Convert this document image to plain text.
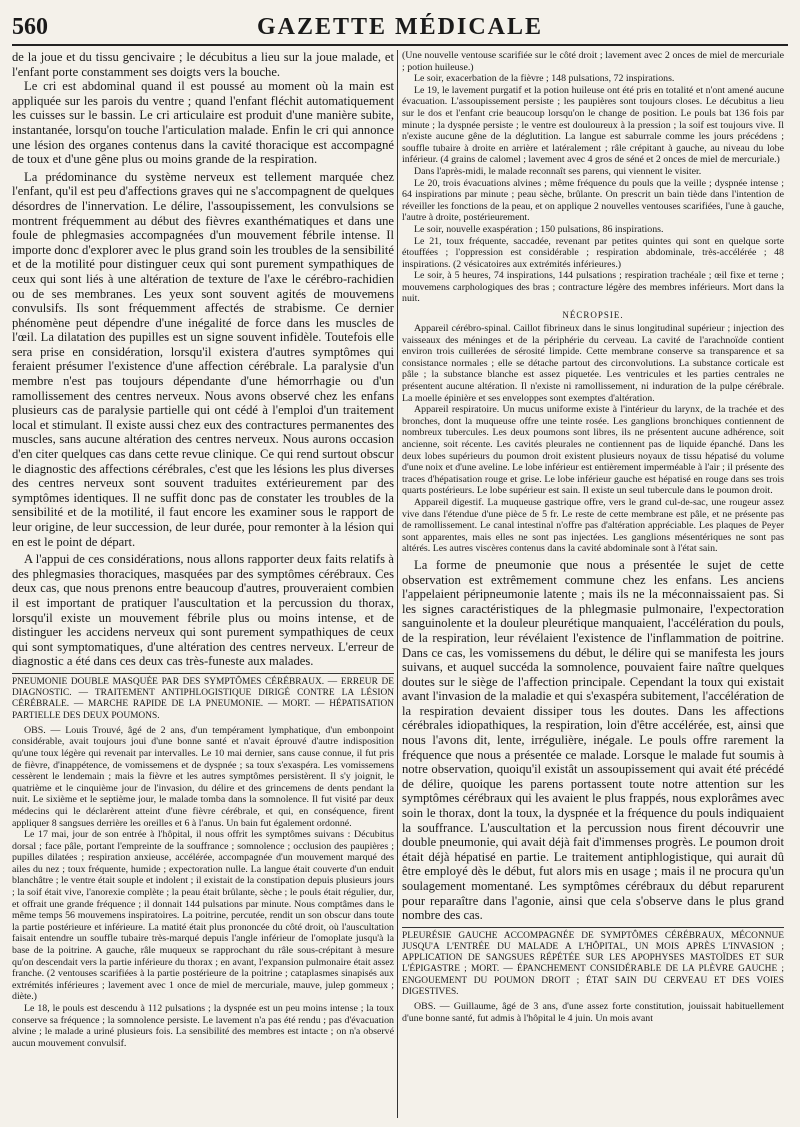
560	GAZETTE MÉDICALE

de la joue et du tissu gencivaire ; le décubitus a lieu sur la joue malade, et l'enfant porte constamment ses doigts vers la bouche.

Le cri est abdominal quand il est poussé au moment où la main est appliquée sur les parois du ventre ; quand l'enfant fléchit automatiquement les cuisses sur le bassin. Le cri articulaire est produit d'une manière subite, instantanée, lorsqu'on touche l'articulation malade. Enfin le cri qui annonce une lésion des organes contenus dans la cavité thoracique est accompagné de toux et d'une gêne plus ou moins grande de la respiration.

La prédominance du système nerveux est tellement marquée chez l'enfant, qu'il est peu d'affections graves qui ne s'accompagnent de quelques désordres de l'innervation. Le délire, l'assoupissement, les convulsions se montrent fréquemment au début des fièvres exanthématiques et dans une foule de phlegmasies accompagnées d'un mouvement fébrile intense. Il importe donc d'explorer avec le plus grand soin les troubles de la sensibilité et de la motilité pour distinguer ceux qui sont purement sympathiques de ceux qui sont liés à une altération de texture de l'axe le cérébro-rachidien ou de ses membranes. Les yeux sont souvent agités de mouvemens convulsifs. Ils sont fréquemment affectés de strabisme. Ce dernier phénomène peut dépendre d'une inégalité de force dans les muscles de l'œil. La dilatation des pupilles est un signe souvent infidèle. Toutefois elle sera prise en considération, lorsqu'il existera d'autres symptômes qui feraient présumer l'existence d'une affection cérébrale. La paralysie d'un membre n'est pas toujours dépendante d'une hémorrhagie ou d'un ramollissement des centres nerveux. Nous avons observé chez les enfans plusieurs cas de paralysie partielle qui ont cédé à l'emploi d'un traitement local et stimulant. Il existe aussi chez eux des contractures permanentes des muscles, sans aucune altération des centres nerveux. Nous aurons occasion d'en citer quelques cas dans cette revue clinique. Ce qui rend surtout obscur le diagnostic des affections cérébrales, c'est que les lésions les plus diverses des centres nerveux sont souvent traduites extérieurement par des symptômes identiques. Il ne suffit donc pas de constater les troubles de la sensibilité et de la motilité, il faut encore les examiner sous le rapport de leur origine, de leur succession, de leur durée, pour remonter à la lésion qui en est le point de départ.

A l'appui de ces considérations, nous allons rapporter deux faits relatifs à des phlegmasies thoraciques, masquées par des symptômes cérébraux. Ces deux cas, que nous prenons entre beaucoup d'autres, prouveraient combien il est important de pratiquer l'auscultation et la percussion du thorax, lorsqu'il existe un mouvement fébrile plus ou moins intense, et de distinguer les accidens nerveux qui sont purement sympathiques de ceux qui sont symptomatiques, d'une altération des centres nerveux. L'erreur de diagnostic a été dans ces deux cas très-funeste aux malades.

PNEUMONIE DOUBLE MASQUÉE PAR DES SYMPTÔMES CÉRÉBRAUX. — ERREUR DE DIAGNOSTIC. — TRAITEMENT ANTIPHLOGISTIQUE DIRIGÉ CONTRE LA LÉSION CÉRÉBRALE. — MARCHE RAPIDE DE LA PNEUMONIE. — MORT. — HÉPATISATION PARTIELLE DES DEUX POUMONS.

OBS. — Louis Trouvé, âgé de 2 ans, d'un tempérament lymphatique, d'un embonpoint considérable, avait toujours joui d'une bonne santé et n'avait éprouvé d'autre indisposition qu'une toux légère qui revenait par intervalles. Le 10 mai dernier, sans cause connue, il fut pris de fièvre, d'inappétence, de vomissemens et de dyspnée ; sa toux s'exaspéra. Les vomissemens cessèrent le lendemain ; mais la fièvre et les autres symptômes persistèrent. Il s'y joignit, le quatrième et le cinquième jour de l'invasion, du délire et des grincemens de dents pendant la nuit. Le sixième et le septième jour, le malade tomba dans la somnolence. Il fut visité par deux médecins qui le déclarèrent atteint d'une fièvre cérébrale, et qui, en conséquence, firent appliquer 8 sangsues derrière les oreilles et 6 à l'anus. Un bain fut également ordonné.

Le 17 mai, jour de son entrée à l'hôpital, il nous offrit les symptômes suivans : Décubitus dorsal ; face pâle, portant l'empreinte de la souffrance ; somnolence ; occlusion des paupières ; pupilles dilatées ; respiration anxieuse, accélérée, accompagnée d'un mouvement marqué des ailes du nez ; toux fréquente, humide ; expectoration nulle. La langue était couverte d'un enduit blanchâtre ; le ventre était souple et indolent ; il existait de la constipation depuis plusieurs jours ; la soif était vive, l'anorexie complète ; la peau était brûlante, sèche ; le pouls était régulier, dur, et offrait une grande fréquence ; il donnait 144 pulsations par minute. Nous comptâmes dans le même temps 56 mouvemens inspiratoires. La poitrine, percutée, rendit un son obscur dans toute la partie postérieure et inférieure. La matité était plus prononcée du côté droit, où l'auscultation faisait entendre un souffle tubaire très-marqué depuis l'angle inférieur de l'omoplate jusqu'à la base de la poitrine. A gauche, râle muqueux se rapprochant du râle sous-crépitant à mesure qu'on descendait vers la partie inférieure du thorax ; en avant, l'expansion pulmonaire était assez franche. (2 ventouses scarifiées à la partie postérieure de la poitrine ; cataplasmes sinapisés aux extrémités inférieures ; lavement avec 1 once de miel de mercuriale, mauve, julep gommeux ; diète.)

Le 18, le pouls est descendu à 112 pulsations ; la dyspnée est un peu moins intense ; la toux conserve sa fréquence ; la somnolence persiste. Le lavement n'a pas été rendu ; pas d'évacuation alvine ; le malade a uriné plusieurs fois. La sensibilité des membres est intacte ; on n'a observé aucun mouvement convulsif.

(Une nouvelle ventouse scarifiée sur le côté droit ; lavement avec 2 onces de miel de mercuriale ; potion huileuse.)

Le soir, exacerbation de la fièvre ; 148 pulsations, 72 inspirations.

Le 19, le lavement purgatif et la potion huileuse ont été pris en totalité et n'ont amené aucune évacuation. L'assoupissement persiste ; les paupières sont toujours closes. Le décubitus a lieu sur le dos et l'enfant crie beaucoup lorsqu'on le change de position. Le pouls bat 136 fois par minute ; la dyspnée persiste ; le ventre est douloureux à la pression ; la soif est toujours vive. Il n'existe aucune gêne de la déglutition. La langue est saburrale comme les jours précédens ; souffle tubaire à droite en arrière et latéralement ; râle crépitant à gauche, au niveau du lobe inférieur. (4 grains de calomel ; lavement avec 4 gros de séné et 2 onces de miel de mercuriale.)

Dans l'après-midi, le malade reconnaît ses parens, qui viennent le visiter.

Le 20, trois évacuations alvines ; même fréquence du pouls que la veille ; dyspnée intense ; 64 inspirations par minute ; peau sèche, brûlante. On prescrit un bain tiède dans l'intention de réveiller les fonctions de la peau, et on applique 2 nouvelles ventouses scarifiées, l'une à gauche, l'autre à droite, postérieurement.

Le soir, nouvelle exaspération ; 150 pulsations, 86 inspirations.

Le 21, toux fréquente, saccadée, revenant par petites quintes qui sont en quelque sorte étouffées ; l'oppression est considérable ; respiration abdominale, très-accélérée ; 48 inspirations. (2 vésicatoires aux extrémités inférieures.)

Le soir, à 5 heures, 74 inspirations, 144 pulsations ; respiration trachéale ; œil fixe et terne ; mouvemens carphologiques des bras ; contracture légère des membres inférieurs. Mort dans la nuit.

NÉCROPSIE.

Appareil cérébro-spinal. Caillot fibrineux dans le sinus longitudinal supérieur ; injection des vaisseaux des méninges et de la périphérie du cerveau. La cavité de l'arachnoïde contient environ trois cuillerées de sérosité limpide. Cette membrane conserve sa transparence et sa consistance normales ; elle se détache partout des circonvolutions. La substance corticale est pâle ; la substance blanche est assez piquetée. Les ventricules et les parties centrales ne présentent aucune altération. Il n'existe ni ramollissement, ni induration de la pulpe cérébrale. La moelle épinière et ses enveloppes sont exemptes d'altération.

Appareil respiratoire. Un mucus uniforme existe à l'intérieur du larynx, de la trachée et des bronches, dont la muqueuse offre une teinte rosée. Les ganglions bronchiques contiennent de nombreux tubercules. Les deux poumons sont libres, ils ne présentent aucune adhérence, soit ancienne, soit récente. Les cavités pleurales ne contiennent pas de liquide épanché. Dans les deux lobes supérieurs du poumon droit existent plusieurs noyaux de tissu hépatisé du volume d'une noix et d'une aveline. Le lobe inférieur est entièrement imperméable à l'air ; il présente des traces d'hépatisation rouge et grise. Le lobe inférieur gauche est hépatisé en rouge dans ses trois quarts postérieurs. Le lobe supérieur est sain. Il existe un seul tubercule dans le poumon droit.

Appareil digestif. La muqueuse gastrique offre, vers le grand cul-de-sac, une rougeur assez vive dans l'étendue d'une pièce de 5 fr. Le reste de cette membrane est pâle, et ne présente pas de ramollissement. Le canal intestinal n'offre pas d'altération appréciable. Les plaques de Peyer sont apparentes, mais elles ne sont pas injectées. Les ganglions mésentériques ne sont pas altérés. Les autres viscères contenus dans la cavité abdominale sont à l'état sain.

La forme de pneumonie que nous a présentée le sujet de cette observation est extrêmement commune chez les enfans. Les anciens l'appelaient péripneumonie latente ; mais ils ne la méconnaissaient pas. Si les signes caractéristiques de la phlegmasie pulmonaire, l'expectoration sanguinolente et la douleur pleurétique manquaient, l'accélération du pouls, de la respiration, leur révélaient l'existence de l'inflammation de poitrine. Dans ce cas, les vomissemens du début, le délire qui se manifesta les jours suivans, et auquel succéda la somnolence, pouvaient faire naître quelques doutes sur le siège de l'affection principale. Cependant la toux qui existait avant l'invasion de la maladie et qui s'exaspéra subitement, l'accélération de la respiration devaient dissiper tous les doutes. Dans les affections cérébrales idiopathiques, la respiration, loin d'être accélérée, est, ainsi que nous l'avons dit, lente, irrégulière, inégale. Le pouls offre rarement la fréquence que nous a présentée ce malade. Lorsque le malade fut soumis à notre observation, quoiqu'il existât un assoupissement qui avait été précédé de délire, quoique les parens portassent toute notre attention sur les symptômes cérébraux qui les avaient le plus frappés, nous explorâmes avec soin le thorax, dont la toux, la dyspnée et la fréquence du pouls indiquaient la souffrance. L'auscultation et la percussion nous firent découvrir une double pneumonie, qui avait déjà fait d'immenses progrès. Le poumon droit était déjà hépatisé en partie. Le traitement antiphlogistique, qui aurait dû être employé dès le début, fut alors mis en usage ; mais il ne procura qu'un soulagement momentané. Les symptômes cérébraux du début reparurent pour reparaître dans l'agonie, ainsi que cela s'observe dans le plus grand nombre des cas.

PLEURÉSIE GAUCHE ACCOMPAGNÉE DE SYMPTÔMES CÉRÉBRAUX, MÉCONNUE JUSQU'A L'ENTRÉE DU MALADE A L'HÔPITAL, UN MOIS APRÈS L'INVASION ; APPLICATION DE SANGSUES RÉPÉTÉE SUR LES APOPHYSES MASTOÏDES ET SUR L'ÉPIGASTRE ; MORT. — ÉPANCHEMENT CONSIDÉRABLE DE LA PLÈVRE GAUCHE ; ENGOUEMENT DU POUMON DROIT ; ÉTAT SAIN DU CERVEAU ET DES VOIES DIGESTIVES.

OBS. — Guillaume, âgé de 3 ans, d'une assez forte constitution, jouissait habituellement d'une bonne santé, fut admis à l'hôpital le 4 juin. Un mois avant
